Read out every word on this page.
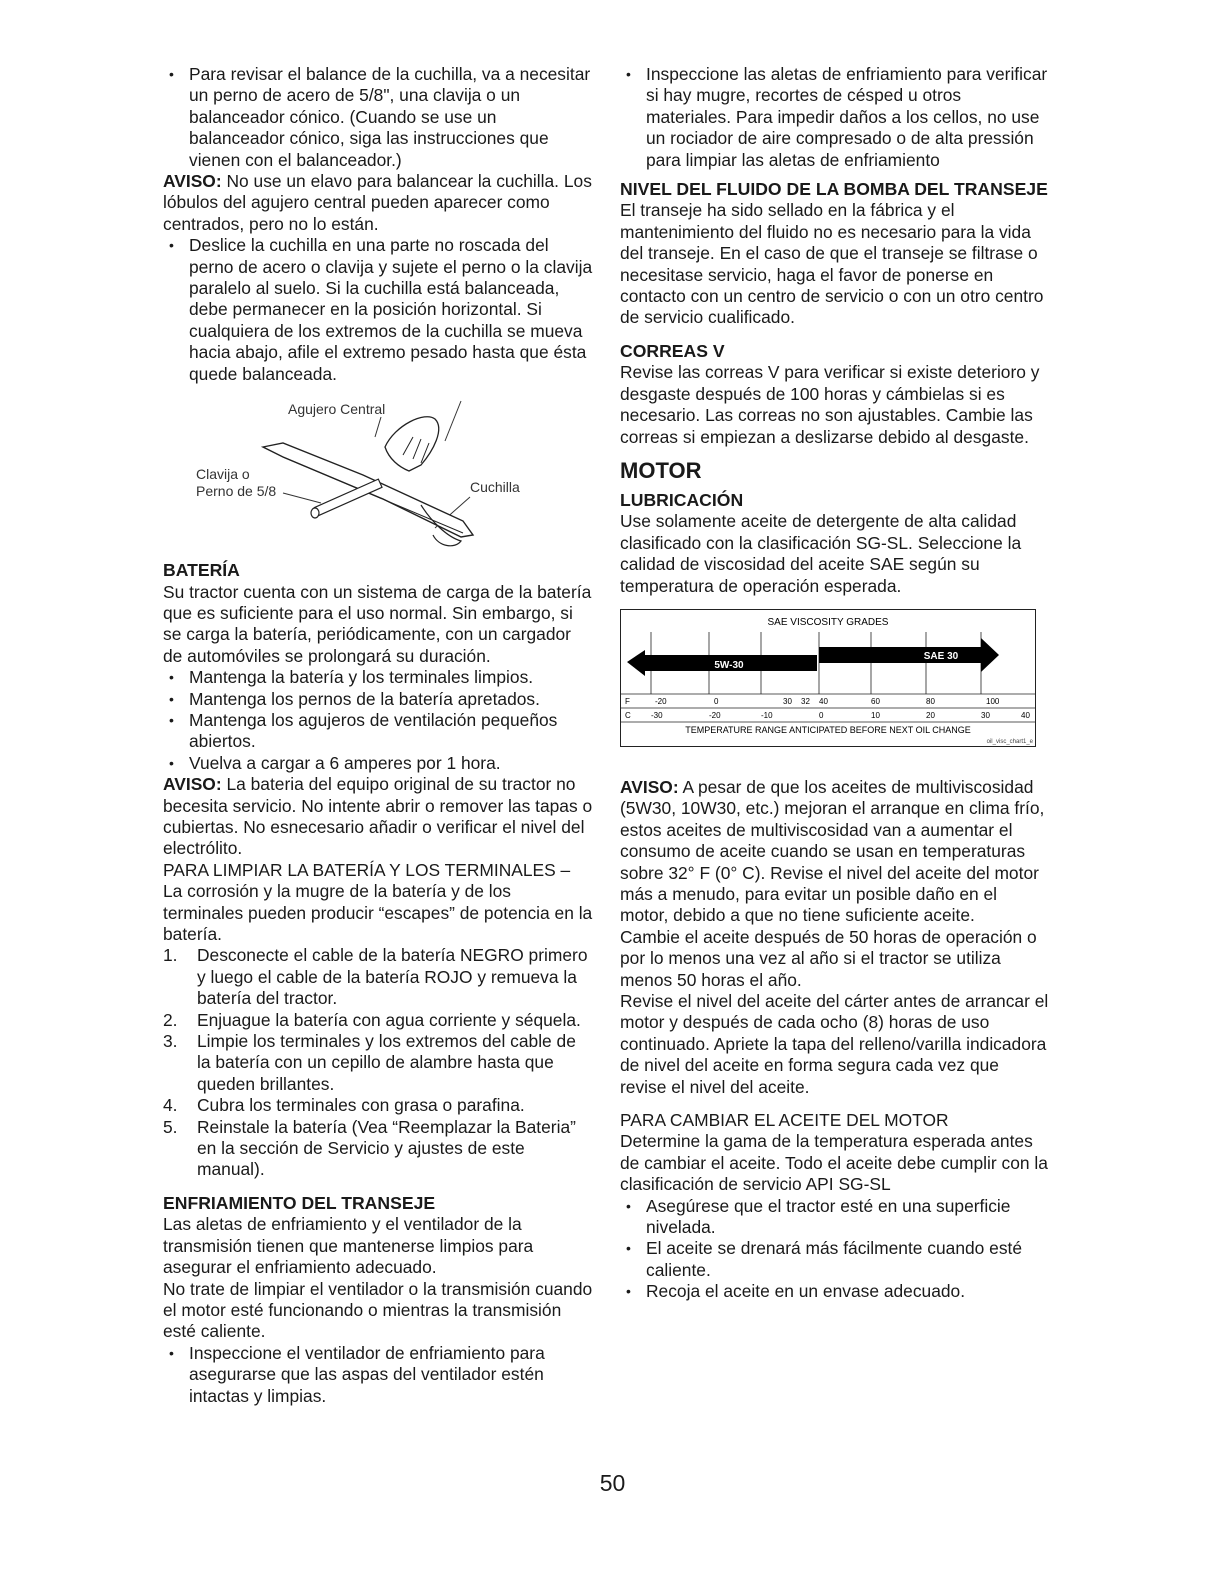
• Para revisar el balance de la cuchilla, va a necesitar un perno de acero de 5/8", una clavija o un balanceador cónico. (Cuando se use un balanceador cónico, siga las instrucciones que vienen con el balanceador.)

AVISO: No use un elavo para balancear la cuchilla. Los lóbulos del agujero central pueden aparecer como centrados, pero no lo están.

• Deslice la cuchilla en una parte no roscada del perno de acero o clavija y sujete el perno o la clavija paralelo al suelo. Si la cuchilla está balanceada, debe permanecer en la posición horizontal. Si cualquiera de los extremos de la cuchilla se mueva hacia abajo, afile el extremo pesado hasta que ésta quede balanceada.

Agujero Central
Clavija o
Perno de 5/8	Cuchilla

BATERÍA

Su tractor cuenta con un sistema de carga de la batería que es suficiente para el uso normal. Sin embargo, si se carga la batería, periódicamente, con un cargador de automóviles se prolongará su duración.

• Mantenga la batería y los terminales limpios.

• Mantenga los pernos de la batería apretados.

• Mantenga los agujeros de ventilación pequeños abiertos.

• Vuelva a cargar a 6 amperes por 1 hora.

AVISO: La bateria del equipo original de su tractor no becesita servicio. No intente abrir o remover las tapas o cubiertas. No esnecesario añadir o verificar el nivel del electrólito.

PARA LIMPIAR LA BATERÍA Y LOS TERMINALES –

La corrosión y la mugre de la batería y de los terminales pueden producir “escapes” de potencia en la batería.

1. Desconecte el cable de la batería NEGRO primero y luego el cable de la batería ROJO y remueva la batería del tractor.

2. Enjuague la batería con agua corriente y séquela.

3. Limpie los terminales y los extremos del cable de la batería con un cepillo de alambre hasta que queden brillantes.

4. Cubra los terminales con grasa o parafina.

5. Reinstale la batería (Vea “Reemplazar la Bateria” en la sección de Servicio y ajustes de este manual).

ENFRIAMIENTO DEL TRANSEJE

Las aletas de enfriamiento y el ventilador de la transmisión tienen que mantenerse limpios para asegurar el enfriamiento adecuado.

No trate de limpiar el ventilador o la transmisión cuando el motor esté funcionando o mientras la transmisión esté caliente.

• Inspeccione el ventilador de enfriamiento para asegurarse que las aspas del ventilador estén intactas y limpias.

• Inspeccione las aletas de enfriamiento para verificar si hay mugre, recortes de césped u otros materiales. Para impedir daños a los cellos, no use un rociador de aire compresado o de alta pressión para limpiar las aletas de enfriamiento

NIVEL DEL FLUIDO DE LA BOMBA DEL TRANSEJE

El transeje ha sido sellado en la fábrica y el mantenimiento del fluido no es necesario para la vida del transeje. En el caso de que el transeje se filtrase o necesitase servicio, haga el favor de ponerse en contacto con un centro de servicio o con un otro centro de servicio cualificado.

CORREAS V

Revise las correas V para verificar si existe deterioro y desgaste después de 100 horas y cámbielas si es necesario. Las correas no son ajustables. Cambie las correas si empiezan a deslizarse debido al desgaste.

MOTOR

LUBRICACIÓN

Use solamente aceite de detergente de alta calidad clasificado con la clasificación SG-SL. Seleccione la calidad de viscosidad del aceite SAE según su temperatura de operación esperada.

SAE VISCOSITY GRADES
5W-30
SAE 30
F
C
-20	0	30 32 40	60	80	100
-30	-20	-10	0	10	20	30	40
TEMPERATURE RANGE ANTICIPATED BEFORE NEXT OIL CHANGE
oil_visc_chart1_e

AVISO: A pesar de que los aceites de multiviscosidad (5W30, 10W30, etc.) mejoran el arranque en clima frío, estos aceites de multiviscosidad van a aumentar el consumo de aceite cuando se usan en temperaturas sobre 32° F (0° C). Revise el nivel del aceite del motor más a menudo, para evitar un posible daño en el motor, debido a que no tiene suficiente aceite.

Cambie el aceite después de 50 horas de operación o por lo menos una vez al año si el tractor se utiliza menos 50 horas el año.

Revise el nivel del aceite del cárter antes de arrancar el motor y después de cada ocho (8) horas de uso continuado. Apriete la tapa del relleno/varilla indicadora de nivel del aceite en forma segura cada vez que revise el nivel del aceite.

PARA CAMBIAR EL ACEITE DEL MOTOR

Determine la gama de la temperatura esperada antes de cambiar el aceite. Todo el aceite debe cumplir con la clasificación de servicio API SG-SL

• Asegúrese que el tractor esté en una superficie nivelada.

• El aceite se drenará más fácilmente cuando esté caliente.

• Recoja el aceite en un envase adecuado.

50
